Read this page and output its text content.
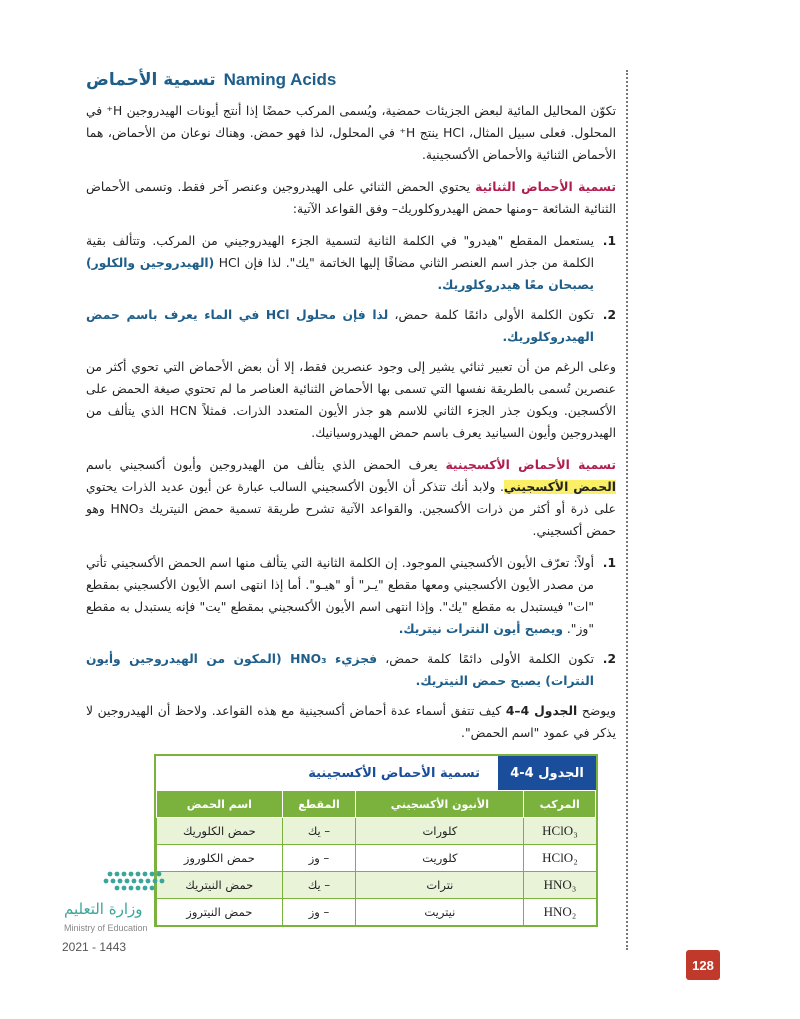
Naming Acids
تسمية الأحماض

تكوّن المحاليل المائية لبعض الجزيئات حمضية، ويُسمى المركب حمضًا إذا أنتج أيونات الهيدروجين H⁺ في المحلول. فعلى سبيل المثال، HCl ينتج H⁺ في المحلول، لذا فهو حمض. وهناك نوعان من الأحماض، هما الأحماض الثنائية والأحماض الأكسجينية.

تسمية الأحماض الثنائية يحتوي الحمض الثنائي على الهيدروجين وعنصر آخر فقط. وتسمى الأحماض الثنائية الشائعة –ومنها حمض الهيدروكلوريك– وفق القواعد الآتية:

1.
يستعمل المقطع "هيدرو" في الكلمة الثانية لتسمية الجزء الهيدروجيني من المركب. وتتألف بقية الكلمة من جذر اسم العنصر الثاني مضافًا إليها الخاتمة "يك". لذا فإن HCl (الهيدروجين والكلور) يصبحان معًا هيدروكلوريك.
2.
تكون الكلمة الأولى دائمًا كلمة حمض، لذا فإن محلول HCl في الماء يعرف باسم حمض الهيدروكلوريك.

وعلى الرغم من أن تعبير ثنائي يشير إلى وجود عنصرين فقط، إلا أن بعض الأحماض التي تحوي أكثر من عنصرين تُسمى بالطريقة نفسها التي تسمى بها الأحماض الثنائية العناصر ما لم تحتوي صيغة الحمض على الأكسجين. ويكون جذر الجزء الثاني للاسم هو جذر الأيون المتعدد الذرات. فمثلاً HCN الذي يتألف من الهيدروجين وأيون السيانيد يعرف باسم حمض الهيدروسيانيك.

تسمية الأحماض الأكسجينية يعرف الحمض الذي يتألف من الهيدروجين وأيون أكسجيني باسم الحمض الأكسجيني. ولابد أنك تتذكر أن الأيون الأكسجيني السالب عبارة عن أيون عديد الذرات يحتوي على ذرة أو أكثر من ذرات الأكسجين. والقواعد الآتية تشرح طريقة تسمية حمض النيتريك HNO₃ وهو حمض أكسجيني.

1.
أولاً: تعرّف الأيون الأكسجيني الموجود. إن الكلمة الثانية التي يتألف منها اسم الحمض الأكسجيني تأتي من مصدر الأيون الأكسجيني ومعها مقطع "يـر" أو "هيـو". أما إذا انتهى اسم الأيون الأكسجيني بمقطع "ات" فيستبدل به مقطع "يك". وإذا انتهى اسم الأيون الأكسجيني بمقطع "يت" فإنه يستبدل به مقطع "وز". ويصبح أيون النترات نيتريك.
2.
تكون الكلمة الأولى دائمًا كلمة حمض، فجزيء HNO₃ (المكون من الهيدروجين وأيون النترات) يصبح حمض النيتريك.

ويوضح الجدول 4–4 كيف تتفق أسماء عدة أحماض أكسجينية مع هذه القواعد. ولاحظ أن الهيدروجين لا يذكر في عمود "اسم الحمض".

الجدول 4-4
تسمية الأحماض الأكسجينية
المركب	الأنيون الأكسجيني	المقطع	اسم الحمض
HClO₃	كلورات	– يك	حمض الكلوريك
HClO₂	كلوريت	– وز	حمض الكلوروز
HNO₃	نترات	– يك	حمض النيتريك
HNO₂	نيتريت	– وز	حمض النيتروز
وزارة التعليم
Ministry of Education
2021 - 1443
128
